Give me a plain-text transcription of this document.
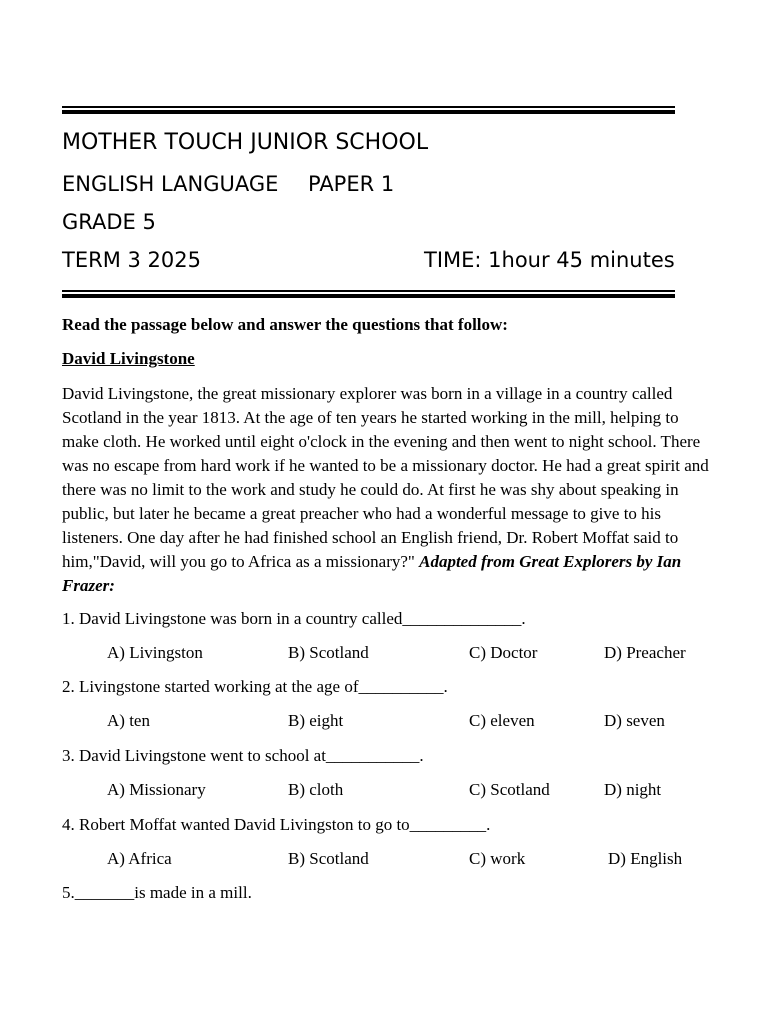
MOTHER TOUCH JUNIOR SCHOOL
ENGLISH LANGUAGE PAPER 1
GRADE 5
TERM 3 2025	TIME: 1hour 45 minutes
Read the passage below and answer the questions that follow:
David Livingstone
David Livingstone, the great missionary explorer was born in a village in a country called Scotland in the year 1813. At the age of ten years he started working in the mill, helping to make cloth. He worked until eight o'clock in the evening and then went to night school. There was no escape from hard work if he wanted to be a missionary doctor. He had a great spirit and there was no limit to the work and study he could do. At first he was shy about speaking in public, but later he became a great preacher who had a wonderful message to give to his listeners. One day after he had finished school an English friend, Dr. Robert Moffat said to him,"David, will you go to Africa as a missionary?" Adapted from Great Explorers by Ian Frazer:
1. David Livingstone was born in a country called______________.
A) Livingston	B) Scotland	C) Doctor	D) Preacher
2. Livingstone started working at the age of__________.
A) ten	B) eight	C) eleven	D) seven
3. David Livingstone went to school at___________.
A) Missionary	B) cloth	C) Scotland	D) night
4. Robert Moffat wanted David Livingston to go to_________.
A) Africa	B) Scotland	C) work	D) English
5._______is made in a mill.
